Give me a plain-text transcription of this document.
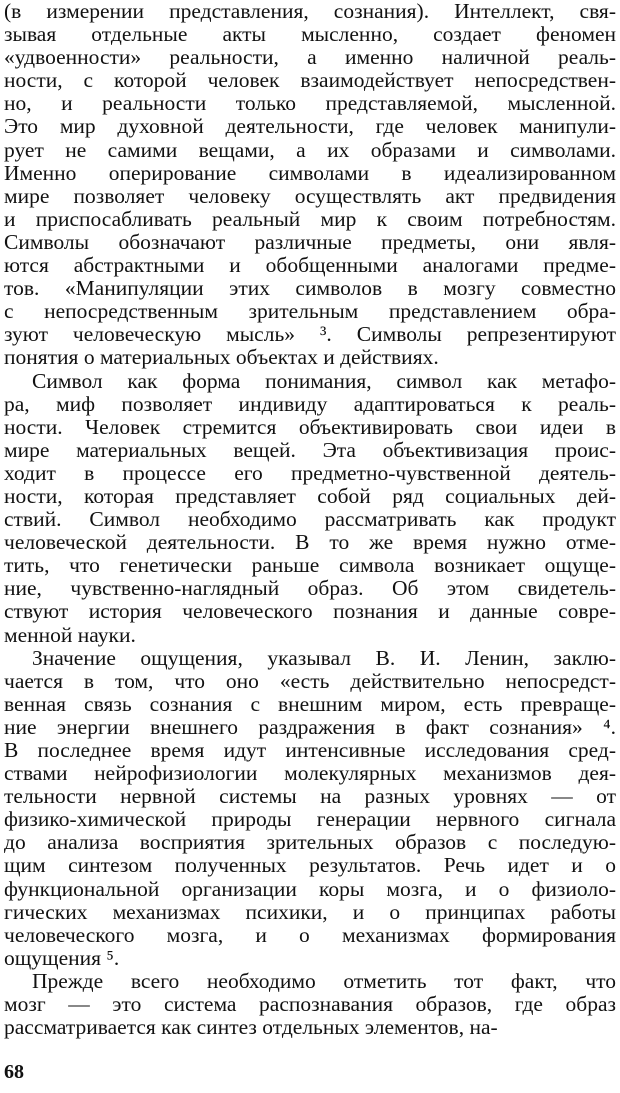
(в измерении представления, сознания). Интеллект, свя-
зывая отдельные акты мысленно, создает феномен
«удвоенности» реальности, а именно наличной реаль-
ности, с которой человек взаимодействует непосредствен-
но, и реальности только представляемой, мысленной.
Это мир духовной деятельности, где человек манипули-
рует не самими вещами, а их образами и символами.
Именно оперирование символами в идеализированном
мире позволяет человеку осуществлять акт предвидения
и приспосабливать реальный мир к своим потребностям.
Символы обозначают различные предметы, они явля-
ются абстрактными и обобщенными аналогами предме-
тов. «Манипуляции этих символов в мозгу совместно
с непосредственным зрительным представлением обра-
зуют человеческую мысль» ³. Символы репрезентируют
понятия о материальных объектах и действиях.
Символ как форма понимания, символ как метафо-
ра, миф позволяет индивиду адаптироваться к реаль-
ности. Человек стремится объективировать свои идеи в
мире материальных вещей. Эта объективизация проис-
ходит в процессе его предметно-чувственной деятель-
ности, которая представляет собой ряд социальных дей-
ствий. Символ необходимо рассматривать как продукт
человеческой деятельности. В то же время нужно отме-
тить, что генетически раньше символа возникает ощуще-
ние, чувственно-наглядный образ. Об этом свидетель-
ствуют история человеческого познания и данные совре-
менной науки.
Значение ощущения, указывал В. И. Ленин, заклю-
чается в том, что оно «есть действительно непосредст-
венная связь сознания с внешним миром, есть превраще-
ние энергии внешнего раздражения в факт сознания» ⁴.
В последнее время идут интенсивные исследования сред-
ствами нейрофизиологии молекулярных механизмов дея-
тельности нервной системы на разных уровнях — от
физико-химической природы генерации нервного сигнала
до анализа восприятия зрительных образов с последую-
щим синтезом полученных результатов. Речь идет и о
функциональной организации коры мозга, и о физиоло-
гических механизмах психики, и о принципах работы
человеческого мозга, и о механизмах формирования
ощущения ⁵.
Прежде всего необходимо отметить тот факт, что
мозг — это система распознавания образов, где образ
рассматривается как синтез отдельных элементов, на-
68
